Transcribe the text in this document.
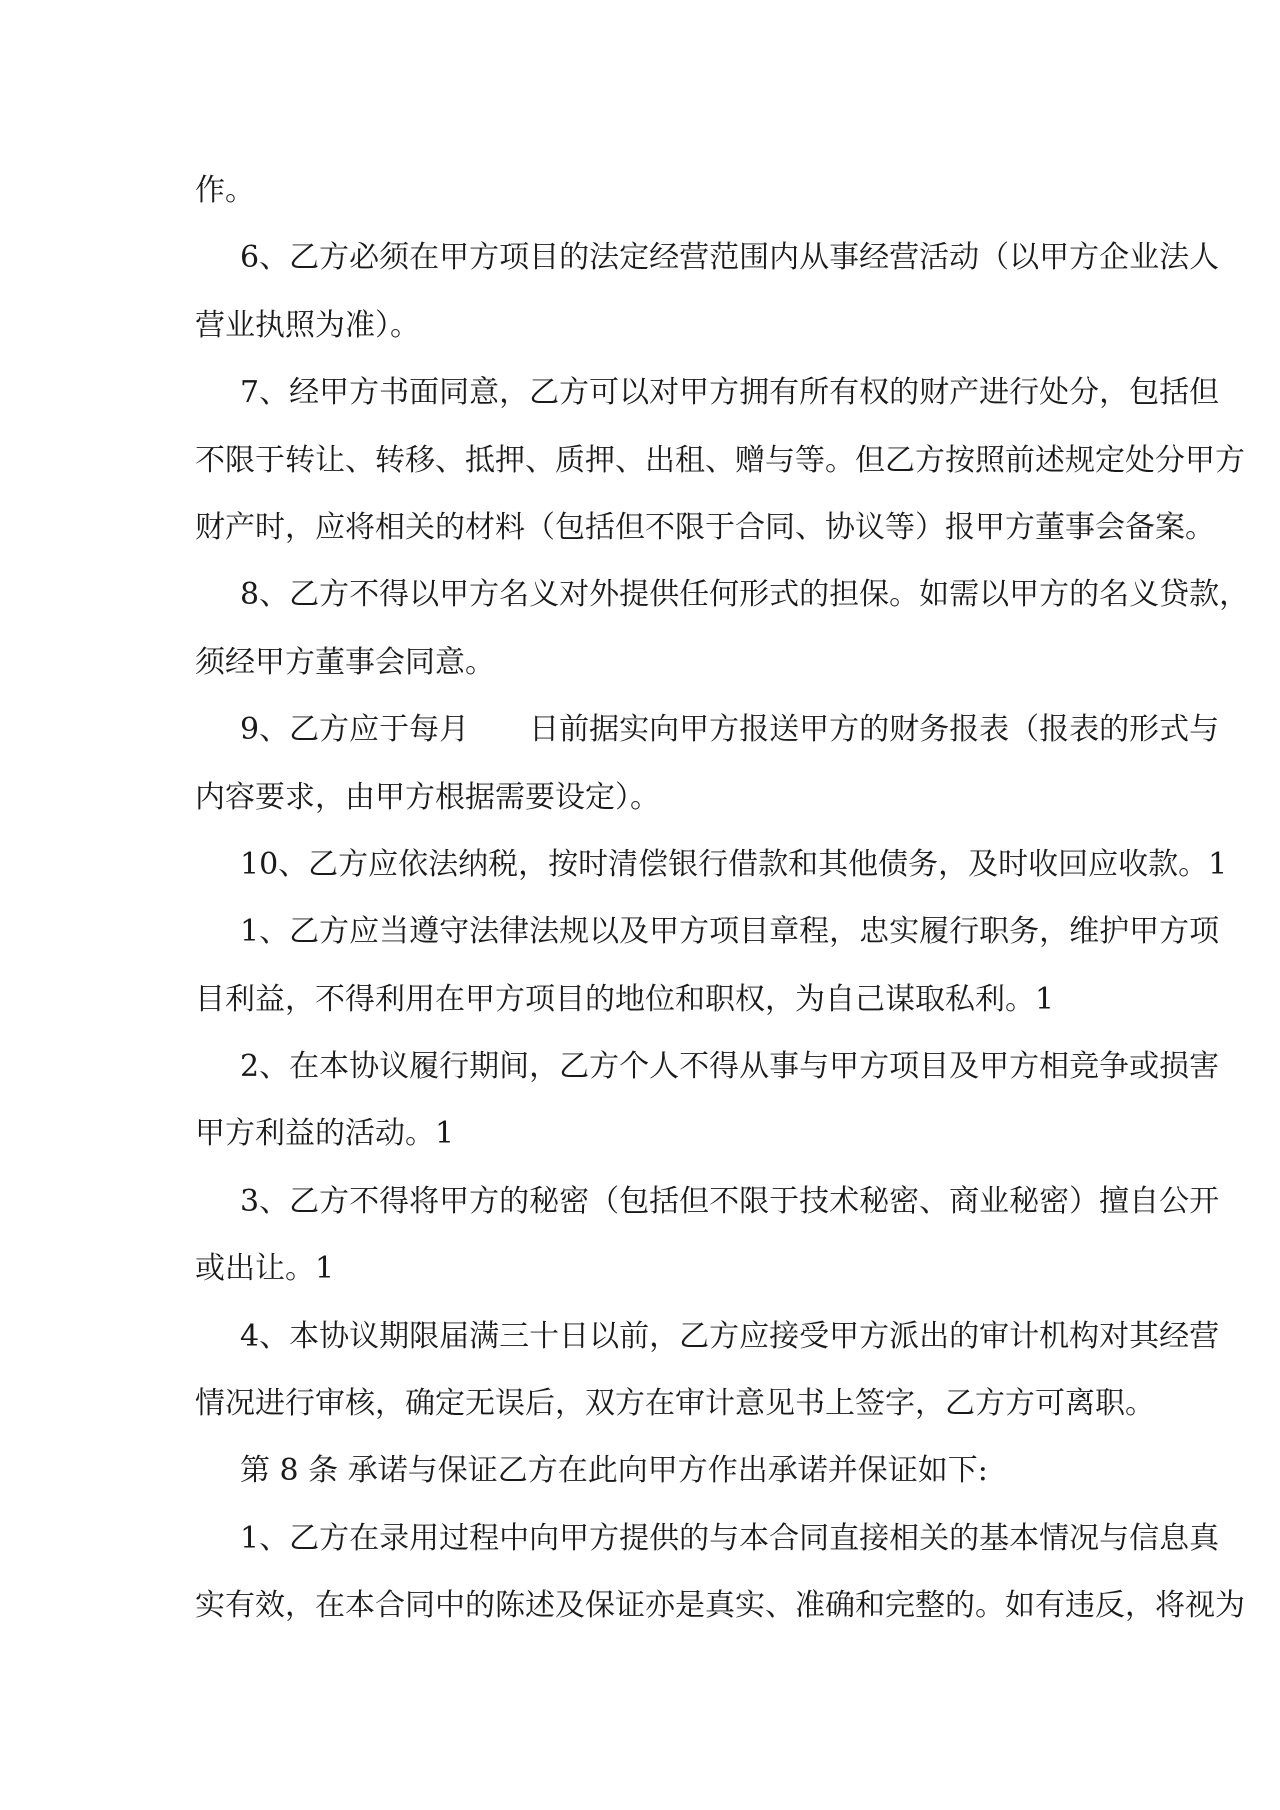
作。
6、乙方必须在甲方项目的法定经营范围内从事经营活动（以甲方企业法人
营业执照为准）。
7、经甲方书面同意，乙方可以对甲方拥有所有权的财产进行处分，包括但
不限于转让、转移、抵押、质押、出租、赠与等。但乙方按照前述规定处分甲方
财产时，应将相关的材料（包括但不限于合同、协议等）报甲方董事会备案。
8、乙方不得以甲方名义对外提供任何形式的担保。如需以甲方的名义贷款，
须经甲方董事会同意。
9、乙方应于每月　　日前据实向甲方报送甲方的财务报表（报表的形式与
内容要求，由甲方根据需要设定）。
10、乙方应依法纳税，按时清偿银行借款和其他债务，及时收回应收款。1
1、乙方应当遵守法律法规以及甲方项目章程，忠实履行职务，维护甲方项
目利益，不得利用在甲方项目的地位和职权，为自己谋取私利。1
2、在本协议履行期间，乙方个人不得从事与甲方项目及甲方相竞争或损害
甲方利益的活动。1
3、乙方不得将甲方的秘密（包括但不限于技术秘密、商业秘密）擅自公开
或出让。1
4、本协议期限届满三十日以前，乙方应接受甲方派出的审计机构对其经营
情况进行审核，确定无误后，双方在审计意见书上签字，乙方方可离职。
第 8 条 承诺与保证乙方在此向甲方作出承诺并保证如下:
1、乙方在录用过程中向甲方提供的与本合同直接相关的基本情况与信息真
实有效，在本合同中的陈述及保证亦是真实、准确和完整的。如有违反，将视为
